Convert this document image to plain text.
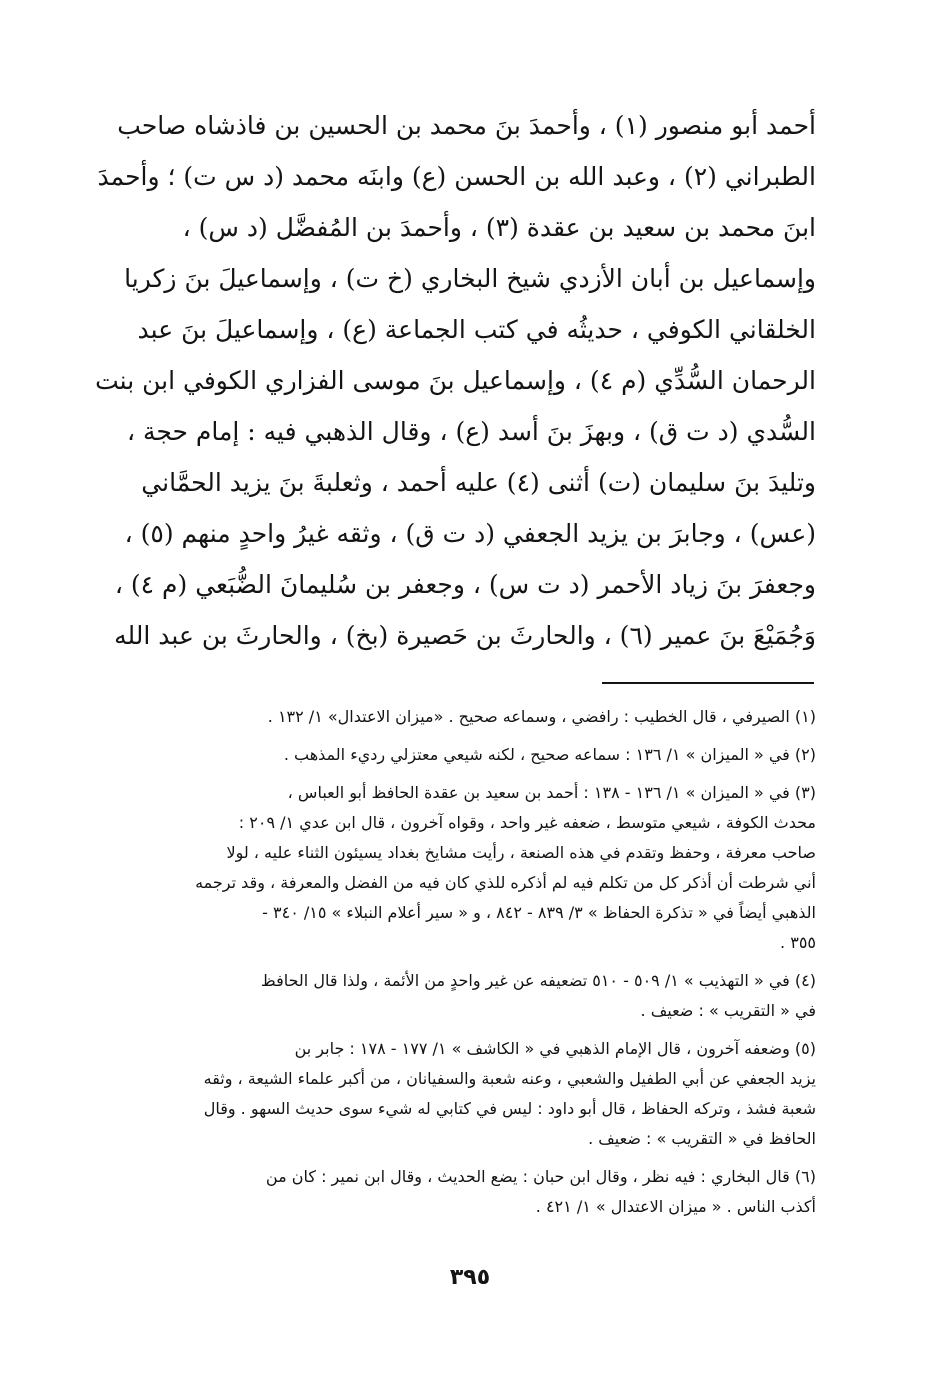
أحمد أبو منصور (١) ، وأحمدَ بنَ محمد بن الحسين بن فاذشاه صاحب
الطبراني (٢) ، وعبد الله بن الحسن (ع) وابنَه محمد (د س ت) ؛ وأحمدَ
ابنَ محمد بن سعيد بن عقدة (٣) ، وأحمدَ بن المُفضَّل (د س) ،
وإسماعيل بن أبان الأزدي شيخ البخاري (خ ت) ، وإسماعيلَ بنَ زكريا
الخلقاني الكوفي ، حديثُه في كتب الجماعة (ع) ، وإسماعيلَ بنَ عبد
الرحمان السُّدِّي (م ٤) ، وإسماعيل بنَ موسى الفزاري الكوفي ابن بنت
السُّدي (د ت ق) ، وبهزَ بنَ أسد (ع) ، وقال الذهبي فيه : إمام حجة ،
وتليدَ بنَ سليمان (ت) أثنى (٤) عليه أحمد ، وثعلبةَ بنَ يزيد الحمَّاني
(عس) ، وجابرَ بن يزيد الجعفي (د ت ق) ، وثقه غيرُ واحدٍ منهم (٥) ،
وجعفرَ بنَ زياد الأحمر (د ت س) ، وجعفر بن سُليمانَ الضُّبَعي (م ٤) ،
وَجُمَيْعَ بنَ عمير (٦) ، والحارثَ بن حَصيرة (بخ) ، والحارثَ بن عبد الله
(١) الصيرفي ، قال الخطيب : رافضي ، وسماعه صحيح . «ميزان الاعتدال» ١/ ١٣٢ .
(٢) في « الميزان » ١/ ١٣٦ : سماعه صحيح ، لكنه شيعي معتزلي رديء المذهب .
(٣) في « الميزان » ١/ ١٣٦ - ١٣٨ : أحمد بن سعيد بن عقدة الحافظ أبو العباس ،
محدث الكوفة ، شيعي متوسط ، ضعفه غير واحد ، وقواه آخرون ، قال ابن عدي ١/ ٢٠٩ :
صاحب معرفة ، وحفظ وتقدم في هذه الصنعة ، رأيت مشايخ بغداد يسيئون الثناء عليه ، لولا
أني شرطت أن أذكر كل من تكلم فيه لم أذكره للذي كان فيه من الفضل والمعرفة ، وقد ترجمه
الذهبي أيضاً في « تذكرة الحفاظ » ٣/ ٨٣٩ - ٨٤٢ ، و « سير أعلام النبلاء » ١٥/ ٣٤٠ -
٣٥٥ .
(٤) في « التهذيب » ١/ ٥٠٩ - ٥١٠ تضعيفه عن غير واحدٍ من الأئمة ، ولذا قال الحافظ
في « التقريب » : ضعيف .
(٥) وضعفه آخرون ، قال الإمام الذهبي في « الكاشف » ١/ ١٧٧ - ١٧٨ : جابر بن
يزيد الجعفي عن أبي الطفيل والشعبي ، وعنه شعبة والسفيانان ، من أكبر علماء الشيعة ، وثقه
شعبة فشذ ، وتركه الحفاظ ، قال أبو داود : ليس في كتابي له شيء سوى حديث السهو . وقال
الحافظ في « التقريب » : ضعيف .
(٦) قال البخاري : فيه نظر ، وقال ابن حبان : يضع الحديث ، وقال ابن نمير : كان من
أكذب الناس . « ميزان الاعتدال » ١/ ٤٢١ .
٣٩٥
